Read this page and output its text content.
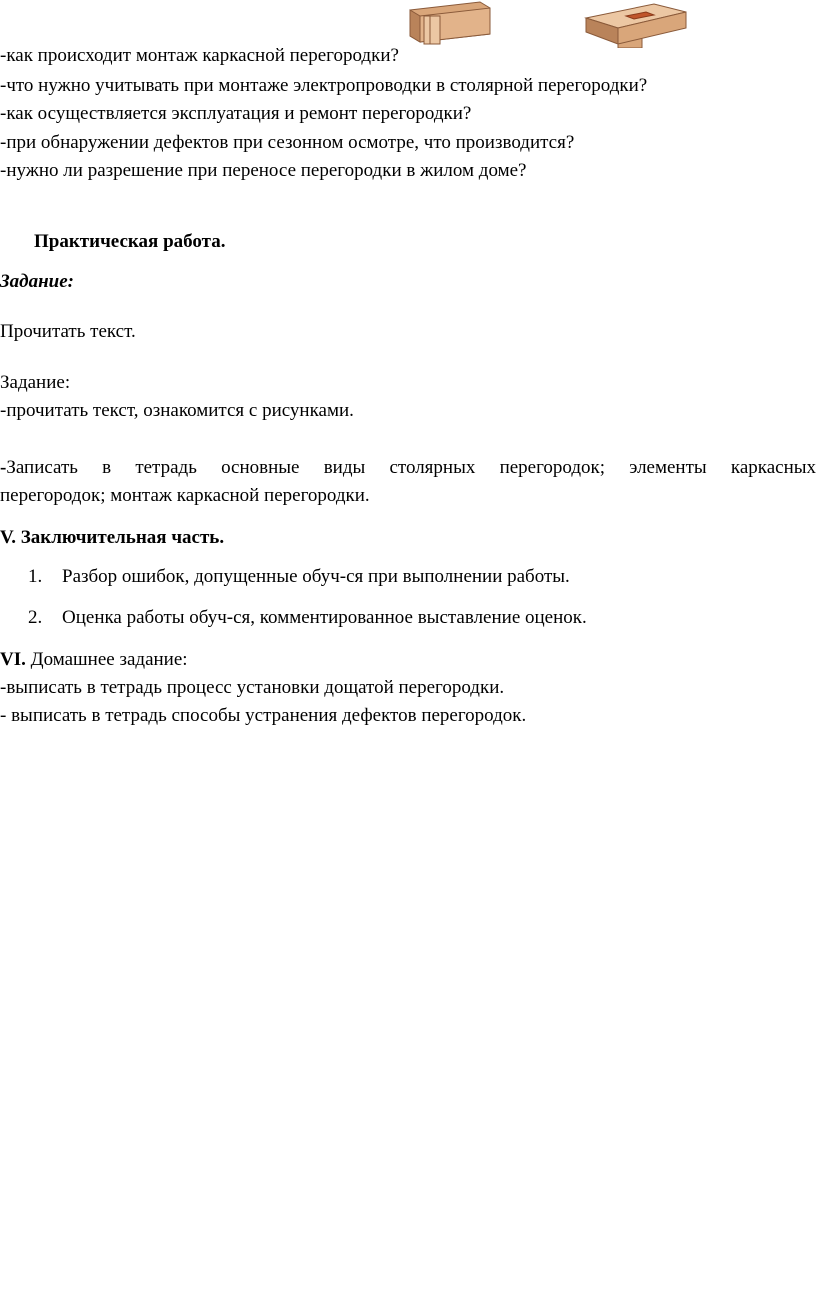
-как происходит монтаж каркасной перегородки?
-что нужно учитывать при монтаже электропроводки в столярной перегородки?
-как осуществляется эксплуатация и ремонт перегородки?
-при обнаружении дефектов при сезонном осмотре, что производится?
-нужно ли разрешение при переносе перегородки в жилом доме?
Практическая работа.
Задание:
Прочитать текст.
Задание:
-прочитать текст, ознакомится с рисунками.
-Записать в тетрадь основные виды столярных перегородок; элементы каркасных
перегородок; монтаж каркасной перегородки.
V. Заключительная часть.
1. Разбор ошибок, допущенные обуч-ся при выполнении работы.
2. Оценка работы обуч-ся, комментированное выставление оценок.
VI. Домашнее задание:
-выписать в тетрадь процесс установки дощатой перегородки.
- выписать в тетрадь способы устранения дефектов перегородок.
